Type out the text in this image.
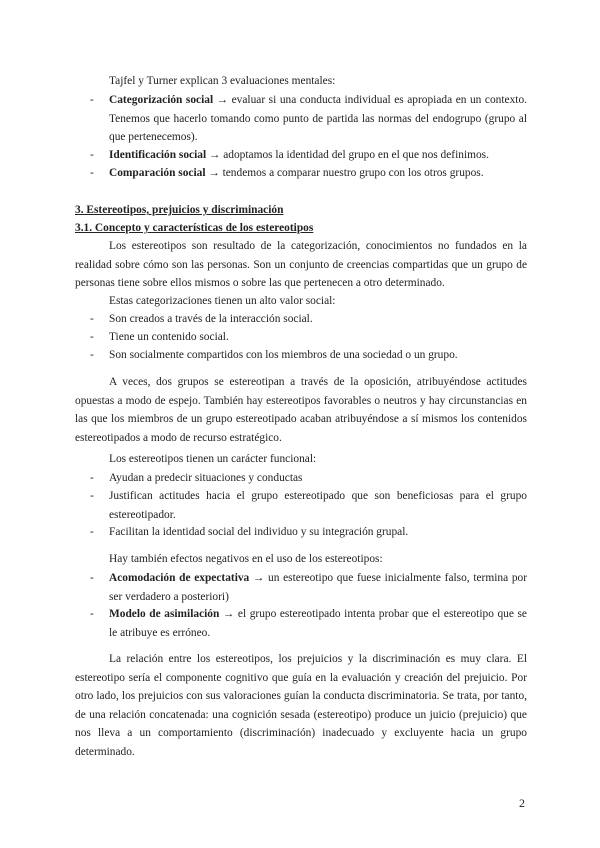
Tajfel y Turner explican 3 evaluaciones mentales:
-	Categorización social → evaluar si una conducta individual es apropiada en un contexto. Tenemos que hacerlo tomando como punto de partida las normas del endogrupo (grupo al que pertenecemos).

-	Identificación social → adoptamos la identidad del grupo en el que nos definimos.

-	Comparación social → tendemos a comparar nuestro grupo con los otros grupos.

3. Estereotipos, prejuicios y discriminación
3.1. Concepto y características de los estereotipos

Los estereotipos son resultado de la categorización, conocimientos no fundados en la realidad sobre cómo son las personas. Son un conjunto de creencias compartidas que un grupo de personas tiene sobre ellos mismos o sobre las que pertenecen a otro determinado.

Estas categorizaciones tienen un alto valor social:
-	Son creados a través de la interacción social.

-	Tiene un contenido social.

-	Son socialmente compartidos con los miembros de una sociedad o un grupo.

A veces, dos grupos se estereotipan a través de la oposición, atribuyéndose actitudes opuestas a modo de espejo. También hay estereotipos favorables o neutros y hay circunstancias en las que los miembros de un grupo estereotipado acaban atribuyéndose a sí mismos los contenidos estereotipados a modo de recurso estratégico.

Los estereotipos tienen un carácter funcional:
-	Ayudan a predecir situaciones y conductas

-	Justifican actitudes hacia el grupo estereotipado que son beneficiosas para el grupo estereotipador.

-	Facilitan la identidad social del individuo y su integración grupal.

Hay también efectos negativos en el uso de los estereotipos:
-	Acomodación de expectativa → un estereotipo que fuese inicialmente falso, termina por ser verdadero a posteriori)

-	Modelo de asimilación → el grupo estereotipado intenta probar que el estereotipo que se le atribuye es erróneo.

La relación entre los estereotipos, los prejuicios y la discriminación es muy clara. El estereotipo sería el componente cognitivo que guía en la evaluación y creación del prejuicio. Por otro lado, los prejuicios con sus valoraciones guían la conducta discriminatoria. Se trata, por tanto, de una relación concatenada: una cognición sesada (estereotipo) produce un juicio (prejuicio) que nos lleva a un comportamiento (discriminación) inadecuado y excluyente hacia un grupo determinado.

2
